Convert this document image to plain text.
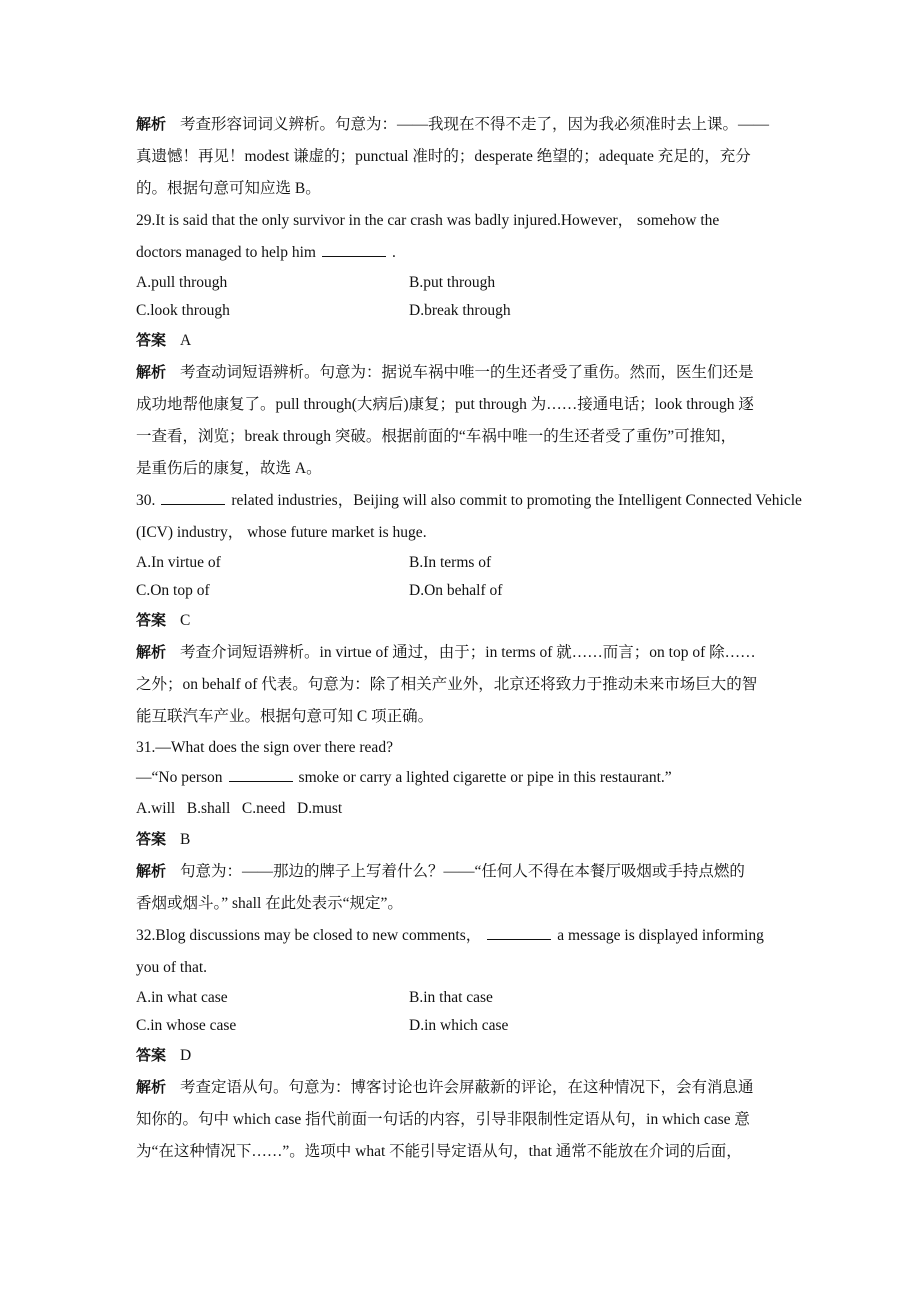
解析 考查形容词词义辨析。句意为：——我现在不得不走了，因为我必须准时去上课。——
真遗憾！再见！modest 谦虚的；punctual 准时的；desperate 绝望的；adequate 充足的，充分
的。根据句意可知应选 B。
29.It is said that the only survivor in the car crash was badly injured.However， somehow the
doctors managed to help him	.
A.pull through	B.put through
C.look through	D.break through
答案 A
解析 考查动词短语辨析。句意为：据说车祸中唯一的生还者受了重伤。然而，医生们还是
成功地帮他康复了。pull through(大病后)康复；put through 为……接通电话；look through 逐
一查看，浏览；break through 突破。根据前面的“车祸中唯一的生还者受了重伤”可推知，
是重伤后的康复，故选 A。
30.	related industries，Beijing will also commit to promoting the Intelligent Connected Vehicle
(ICV) industry， whose future market is huge.
A.In virtue of	B.In terms of
C.On top of	D.On behalf of
答案 C
解析 考查介词短语辨析。in virtue of 通过，由于；in terms of 就……而言；on top of 除……
之外；on behalf of 代表。句意为：除了相关产业外，北京还将致力于推动未来市场巨大的智
能互联汽车产业。根据句意可知 C 项正确。
31.—What does the sign over there read?
—“No person	smoke or carry a lighted cigarette or pipe in this restaurant.”
A.will   B.shall   C.need   D.must
答案 B
解析 句意为：——那边的牌子上写着什么？——“任何人不得在本餐厅吸烟或手持点燃的
香烟或烟斗。” shall 在此处表示“规定”。
32.Blog discussions may be closed to new comments，	a message is displayed informing
you of that.
A.in what case	B.in that case
C.in whose case	D.in which case
答案 D
解析 考查定语从句。句意为：博客讨论也许会屏蔽新的评论，在这种情况下，会有消息通
知你的。句中 which case 指代前面一句话的内容，引导非限制性定语从句，in which case 意
为“在这种情况下……”。选项中 what 不能引导定语从句，that 通常不能放在介词的后面，
